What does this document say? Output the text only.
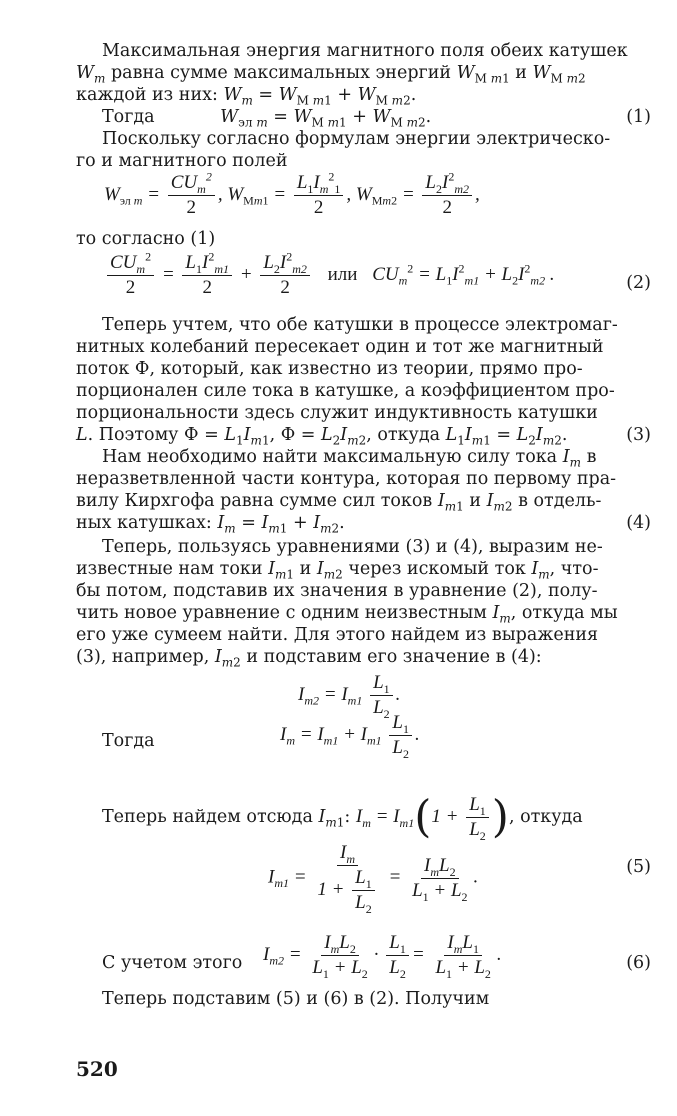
Максимальная энергия магнитного поля обеих катушек
$W_m$ равна сумме максимальных энергий $W_{М m1}$ и $W_{М m2}$
каждой из них: $W_m = W_{М m1} + W_{М m2}$.
Тогда	$W_{эл m} = W_{М m1} + W_{М m2}$.	(1)
Поскольку согласно формулам энергии электрическо-
го и магнитного полей
$W_{эл m} = \frac{CU_m^2}{2}$ , $W_{Мm1} = \frac{L_1I_m^2_1}{2}$ , $W_{Мm2} = \frac{L_2I^2_{m2}}{2}$ ,
то согласно (1)
$\frac{CU_m^2}{2} = \frac{L_1I^2_{m1}}{2} + \frac{L_2I^2_{m2}}{2}$ или $CU_m^2 = L_1I^2_{m1} + L_2I^2_{m2}$ .	(2)
Теперь учтем, что обе катушки в процессе электромаг-
нитных колебаний пересекает один и тот же магнитный
поток Ф, который, как известно из теории, прямо про-
порционален силе тока в катушке, а коэффициентом про-
порциональности здесь служит индуктивность катушки
L. Поэтому $Ф = L_1I_{m1}$, $Ф = L_2I_{m2}$, откуда $L_1I_{m1} = L_2I_{m2}$.	(3)
Нам необходимо найти максимальную силу тока $I_m$ в
неразветвленной части контура, которая по первому пра-
вилу Кирхгофа равна сумме сил токов $I_{m1}$ и $I_{m2}$ в отдель-
ных катушках: $I_m = I_{m1} + I_{m2}$.	(4)
Теперь, пользуясь уравнениями (3) и (4), выразим не-
известные нам токи $I_{m1}$ и $I_{m2}$ через искомый ток $I_m$, что-
бы потом, подставив их значения в уравнение (2), полу-
чить новое уравнение с одним неизвестным $I_m$, откуда мы
его уже сумеем найти. Для этого найдем из выражения
(3), например, $I_{m2}$ и подставим его значение в (4):
$I_{m2} = I_{m1} \frac{L_1}{L_2}$ .
Тогда	$I_m = I_{m1} + I_{m1} \frac{L_1}{L_2}$ .
Теперь найдем отсюда $I_{m1}$: $I_m = I_{m1}(1 + \frac{L_1}{L_2}$ ), откуда
$I_{m1} = \frac{I_m}{1 + \frac{L_1}{L_2}} = \frac{I_mL_2}{L_1 + L_2}$ .	(5)
С учетом этого	$I_{m2} = \frac{I_mL_2}{L_1 + L_2} \cdot \frac{L_1}{L_2} = \frac{I_mL_1}{L_1 + L_2}$ .	(6)
Теперь подставим (5) и (6) в (2). Получим
520
